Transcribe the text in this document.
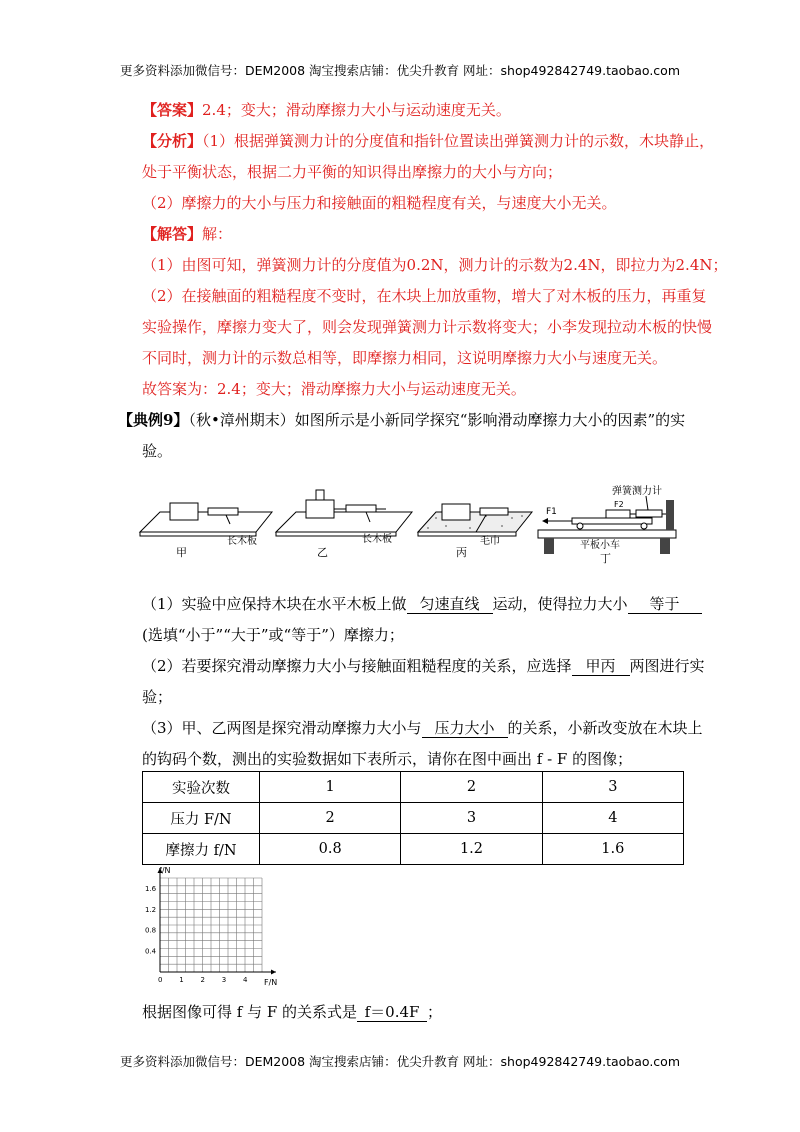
更多资料添加微信号：DEM2008 淘宝搜索店铺：优尖升教育 网址：shop492842749.taobao.com
【答案】2.4；变大；滑动摩擦力大小与运动速度无关。
【分析】（1）根据弹簧测力计的分度值和指针位置读出弹簧测力计的示数，木块静止，
处于平衡状态，根据二力平衡的知识得出摩擦力的大小与方向；
（2）摩擦力的大小与压力和接触面的粗糙程度有关，与速度大小无关。
【解答】解：
（1）由图可知，弹簧测力计的分度值为0.2N，测力计的示数为2.4N，即拉力为2.4N；
（2）在接触面的粗糙程度不变时，在木块上加放重物，增大了对木板的压力，再重复
实验操作，摩擦力变大了，则会发现弹簧测力计示数将变大；小李发现拉动木板的快慢
不同时，测力计的示数总相等，即摩擦力相同，这说明摩擦力大小与速度无关。
故答案为：2.4；变大；滑动摩擦力大小与运动速度无关。
【典例9】（秋•漳州期末）如图所示是小新同学探究“影响滑动摩擦力大小的因素”的实
验。
长木板
甲
长木板
乙
毛巾
丙
F1
F2
弹簧测力计
平板小车
丁
（1）实验中应保持木块在水平木板上做 匀速直线 运动，使得拉力大小 等于
(选填“小于”“大于”或“等于”）摩擦力；
（2）若要探究滑动摩擦力大小与接触面粗糙程度的关系，应选择 甲丙 两图进行实
验；
（3）甲、乙两图是探究滑动摩擦力大小与 压力大小 的关系，小新改变放在木块上
的钩码个数，测出的实验数据如下表所示，请你在图中画出 f - F 的图像；
实验次数	1	2	3
压力 F/N	2	3	4
摩擦力 f/N	0.8	1.2	1.6
0 1 2 3 4
0.4
0.8
1.2
1.6
f/N
F/N
根据图像可得 f 与 F 的关系式是 f＝0.4F ；
更多资料添加微信号：DEM2008 淘宝搜索店铺：优尖升教育 网址：shop492842749.taobao.com
